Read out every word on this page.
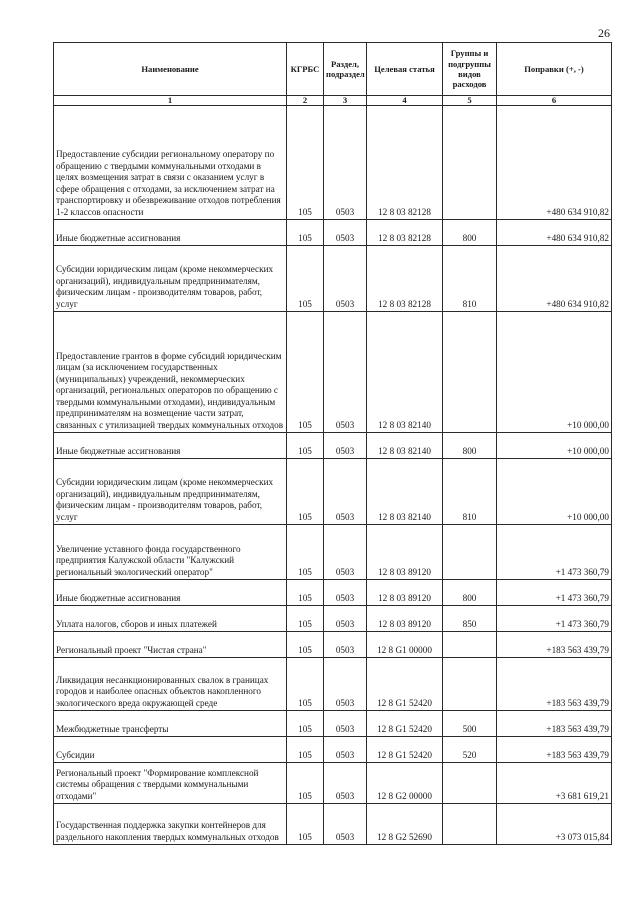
26
Наименование	КГРБС	Раздел, подраздел	Целевая статья	Группы и подгруппы видов расходов	Поправки (+, -)
1	2	3	4	5	6
Предоставление субсидии региональному оператору по обращению с твердыми коммунальными отходами в целях возмещения затрат в связи с оказанием услуг в сфере обращения с отходами, за исключением затрат на транспортировку и обезвреживание отходов потребления 1-2 классов опасности	105	0503	12 8 03 82128		+480 634 910,82
Иные бюджетные ассигнования	105	0503	12 8 03 82128	800	+480 634 910,82
Субсидии юридическим лицам (кроме некоммерческих организаций), индивидуальным предпринимателям, физическим лицам - производителям товаров, работ, услуг	105	0503	12 8 03 82128	810	+480 634 910,82
Предоставление грантов в форме субсидий юридическим лицам (за исключением государственных (муниципальных) учреждений, некоммерческих организаций, региональных операторов по обращению с твердыми коммунальными отходами), индивидуальным предпринимателям на возмещение части затрат, связанных с утилизацией твердых коммунальных отходов	105	0503	12 8 03 82140		+10 000,00
Иные бюджетные ассигнования	105	0503	12 8 03 82140	800	+10 000,00
Субсидии юридическим лицам (кроме некоммерческих организаций), индивидуальным предпринимателям, физическим лицам - производителям товаров, работ, услуг	105	0503	12 8 03 82140	810	+10 000,00
Увеличение уставного фонда государственного предприятия Калужской области "Калужский региональный экологический оператор"	105	0503	12 8 03 89120		+1 473 360,79
Иные бюджетные ассигнования	105	0503	12 8 03 89120	800	+1 473 360,79
Уплата налогов, сборов и иных платежей	105	0503	12 8 03 89120	850	+1 473 360,79
Региональный проект "Чистая страна"	105	0503	12 8 G1 00000		+183 563 439,79
Ликвидация несанкционированных свалок в границах городов и наиболее опасных объектов накопленного экологического вреда окружающей среде	105	0503	12 8 G1 52420		+183 563 439,79
Межбюджетные трансферты	105	0503	12 8 G1 52420	500	+183 563 439,79
Субсидии	105	0503	12 8 G1 52420	520	+183 563 439,79
Региональный проект "Формирование комплексной системы обращения с твердыми коммунальными отходами"	105	0503	12 8 G2 00000		+3 681 619,21
Государственная поддержка закупки контейнеров для раздельного накопления твердых коммунальных отходов	105	0503	12 8 G2 52690		+3 073 015,84
